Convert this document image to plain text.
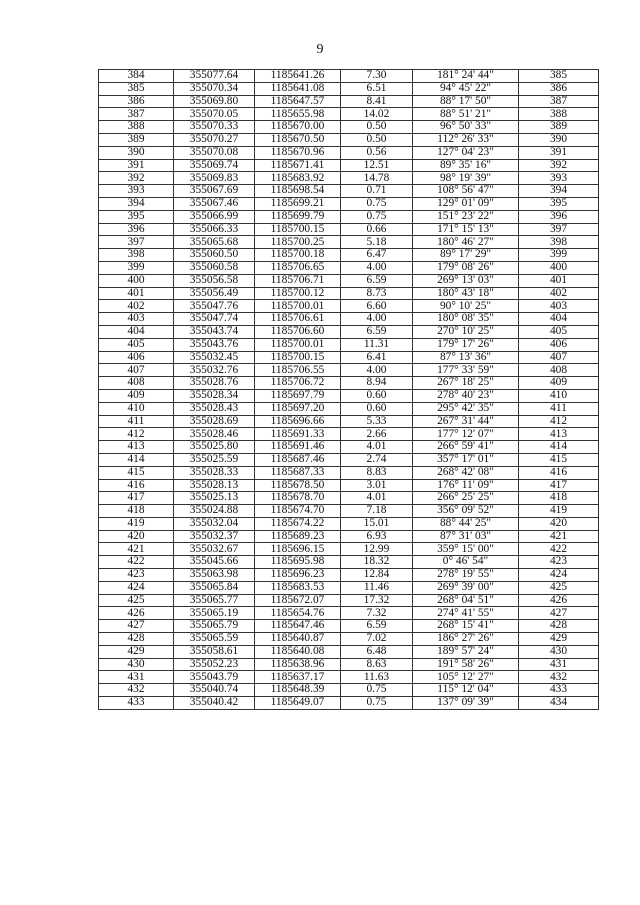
9
384	355077.64	1185641.26	7.30	181° 24' 44"	385
385	355070.34	1185641.08	6.51	94° 45' 22"	386
386	355069.80	1185647.57	8.41	88° 17' 50"	387
387	355070.05	1185655.98	14.02	88° 51' 21"	388
388	355070.33	1185670.00	0.50	96° 50' 33"	389
389	355070.27	1185670.50	0.50	112° 26' 33"	390
390	355070.08	1185670.96	0.56	127° 04' 23"	391
391	355069.74	1185671.41	12.51	89° 35' 16"	392
392	355069.83	1185683.92	14.78	98° 19' 39"	393
393	355067.69	1185698.54	0.71	108° 56' 47"	394
394	355067.46	1185699.21	0.75	129° 01' 09"	395
395	355066.99	1185699.79	0.75	151° 23' 22"	396
396	355066.33	1185700.15	0.66	171° 15' 13"	397
397	355065.68	1185700.25	5.18	180° 46' 27"	398
398	355060.50	1185700.18	6.47	89° 17' 29"	399
399	355060.58	1185706.65	4.00	179° 08' 26"	400
400	355056.58	1185706.71	6.59	269° 13' 03"	401
401	355056.49	1185700.12	8.73	180° 43' 18"	402
402	355047.76	1185700.01	6.60	90° 10' 25"	403
403	355047.74	1185706.61	4.00	180° 08' 35"	404
404	355043.74	1185706.60	6.59	270° 10' 25"	405
405	355043.76	1185700.01	11.31	179° 17' 26"	406
406	355032.45	1185700.15	6.41	87° 13' 36"	407
407	355032.76	1185706.55	4.00	177° 33' 59"	408
408	355028.76	1185706.72	8.94	267° 18' 25"	409
409	355028.34	1185697.79	0.60	278° 40' 23"	410
410	355028.43	1185697.20	0.60	295° 42' 35"	411
411	355028.69	1185696.66	5.33	267° 31' 44"	412
412	355028.46	1185691.33	2.66	177° 12' 07"	413
413	355025.80	1185691.46	4.01	266° 59' 41"	414
414	355025.59	1185687.46	2.74	357° 17' 01"	415
415	355028.33	1185687.33	8.83	268° 42' 08"	416
416	355028.13	1185678.50	3.01	176° 11' 09"	417
417	355025.13	1185678.70	4.01	266° 25' 25"	418
418	355024.88	1185674.70	7.18	356° 09' 52"	419
419	355032.04	1185674.22	15.01	88° 44' 25"	420
420	355032.37	1185689.23	6.93	87° 31' 03"	421
421	355032.67	1185696.15	12.99	359° 15' 00"	422
422	355045.66	1185695.98	18.32	0° 46' 54"	423
423	355063.98	1185696.23	12.84	278° 19' 55"	424
424	355065.84	1185683.53	11.46	269° 39' 00"	425
425	355065.77	1185672.07	17.32	268° 04' 51"	426
426	355065.19	1185654.76	7.32	274° 41' 55"	427
427	355065.79	1185647.46	6.59	268° 15' 41"	428
428	355065.59	1185640.87	7.02	186° 27' 26"	429
429	355058.61	1185640.08	6.48	189° 57' 24"	430
430	355052.23	1185638.96	8.63	191° 58' 26"	431
431	355043.79	1185637.17	11.63	105° 12' 27"	432
432	355040.74	1185648.39	0.75	115° 12' 04"	433
433	355040.42	1185649.07	0.75	137° 09' 39"	434
